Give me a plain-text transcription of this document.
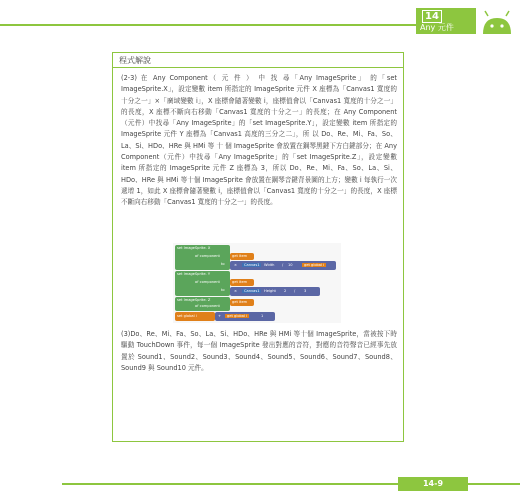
14
Any 元件
程式解說
(2-3) 在 Any Component（ 元 件 ） 中 找 尋「Any ImageSprite」 的「set ImageSprite.X」，設定變數 item 所指定的 ImageSprite 元件 X 座標為「Canvas1 寬度的十分之一」×「廣域變數 i」，X 座標會隨著變數 i，座標值會以「Canvas1 寬度的十分之一」的長度，X 座標不斷向右移動「Canvas1 寬度的十分之一」的長度；在 Any Component（元件）中找尋「Any ImageSprite」的「set ImageSprite.Y」，設定變數 item 所指定的 ImageSprite 元件 Y 座標為「Canvas1 高度的三分之二」，所 以 Do、Re、Mi、Fa、So、La、Si、HDo、HRe 與 HMi 等 十 個 ImageSprite 會放置在鋼琴黑鍵下方白鍵部分；在 Any Component（元件）中找尋「Any ImageSprite」的「set ImageSprite.Z」，設定變數 item 所指定的 ImageSprite 元件 Z 座標為 3，所以 Do、Re、Mi、Fa、So、La、Si、HDo、HRe 與 HMi 等十個 ImageSprite 會放置在鋼琴音鍵背景圖的上方；變數 i 每執行一次遞增 1，如此 X 座標會隨著變數 i，座標值會以「Canvas1 寬度的十分之一」的長度，X 座標不斷向右移動「Canvas1 寬度的十分之一」的長度。
set ImageSprite. X
of component
to
get item
×	Canvas1	Width / 10	get global i
set ImageSprite. Y
of component
to
get item
×	Canvas1	Height 2 / 3
set ImageSprite. Z
of component
get item
set global i	+	get global i	1
(3)Do、Re、Mi、Fa、So、La、Si、HDo、HRe 與 HMi 等十個 ImageSprite，當被按下時驅動 TouchDown 事件，每一個 ImageSprite 發出對應的音符，對應的音符聲音已經事先放置於 Sound1、Sound2、Sound3、Sound4、Sound5、Sound6、Sound7、Sound8、Sound9 與 Sound10 元件。
14-9
